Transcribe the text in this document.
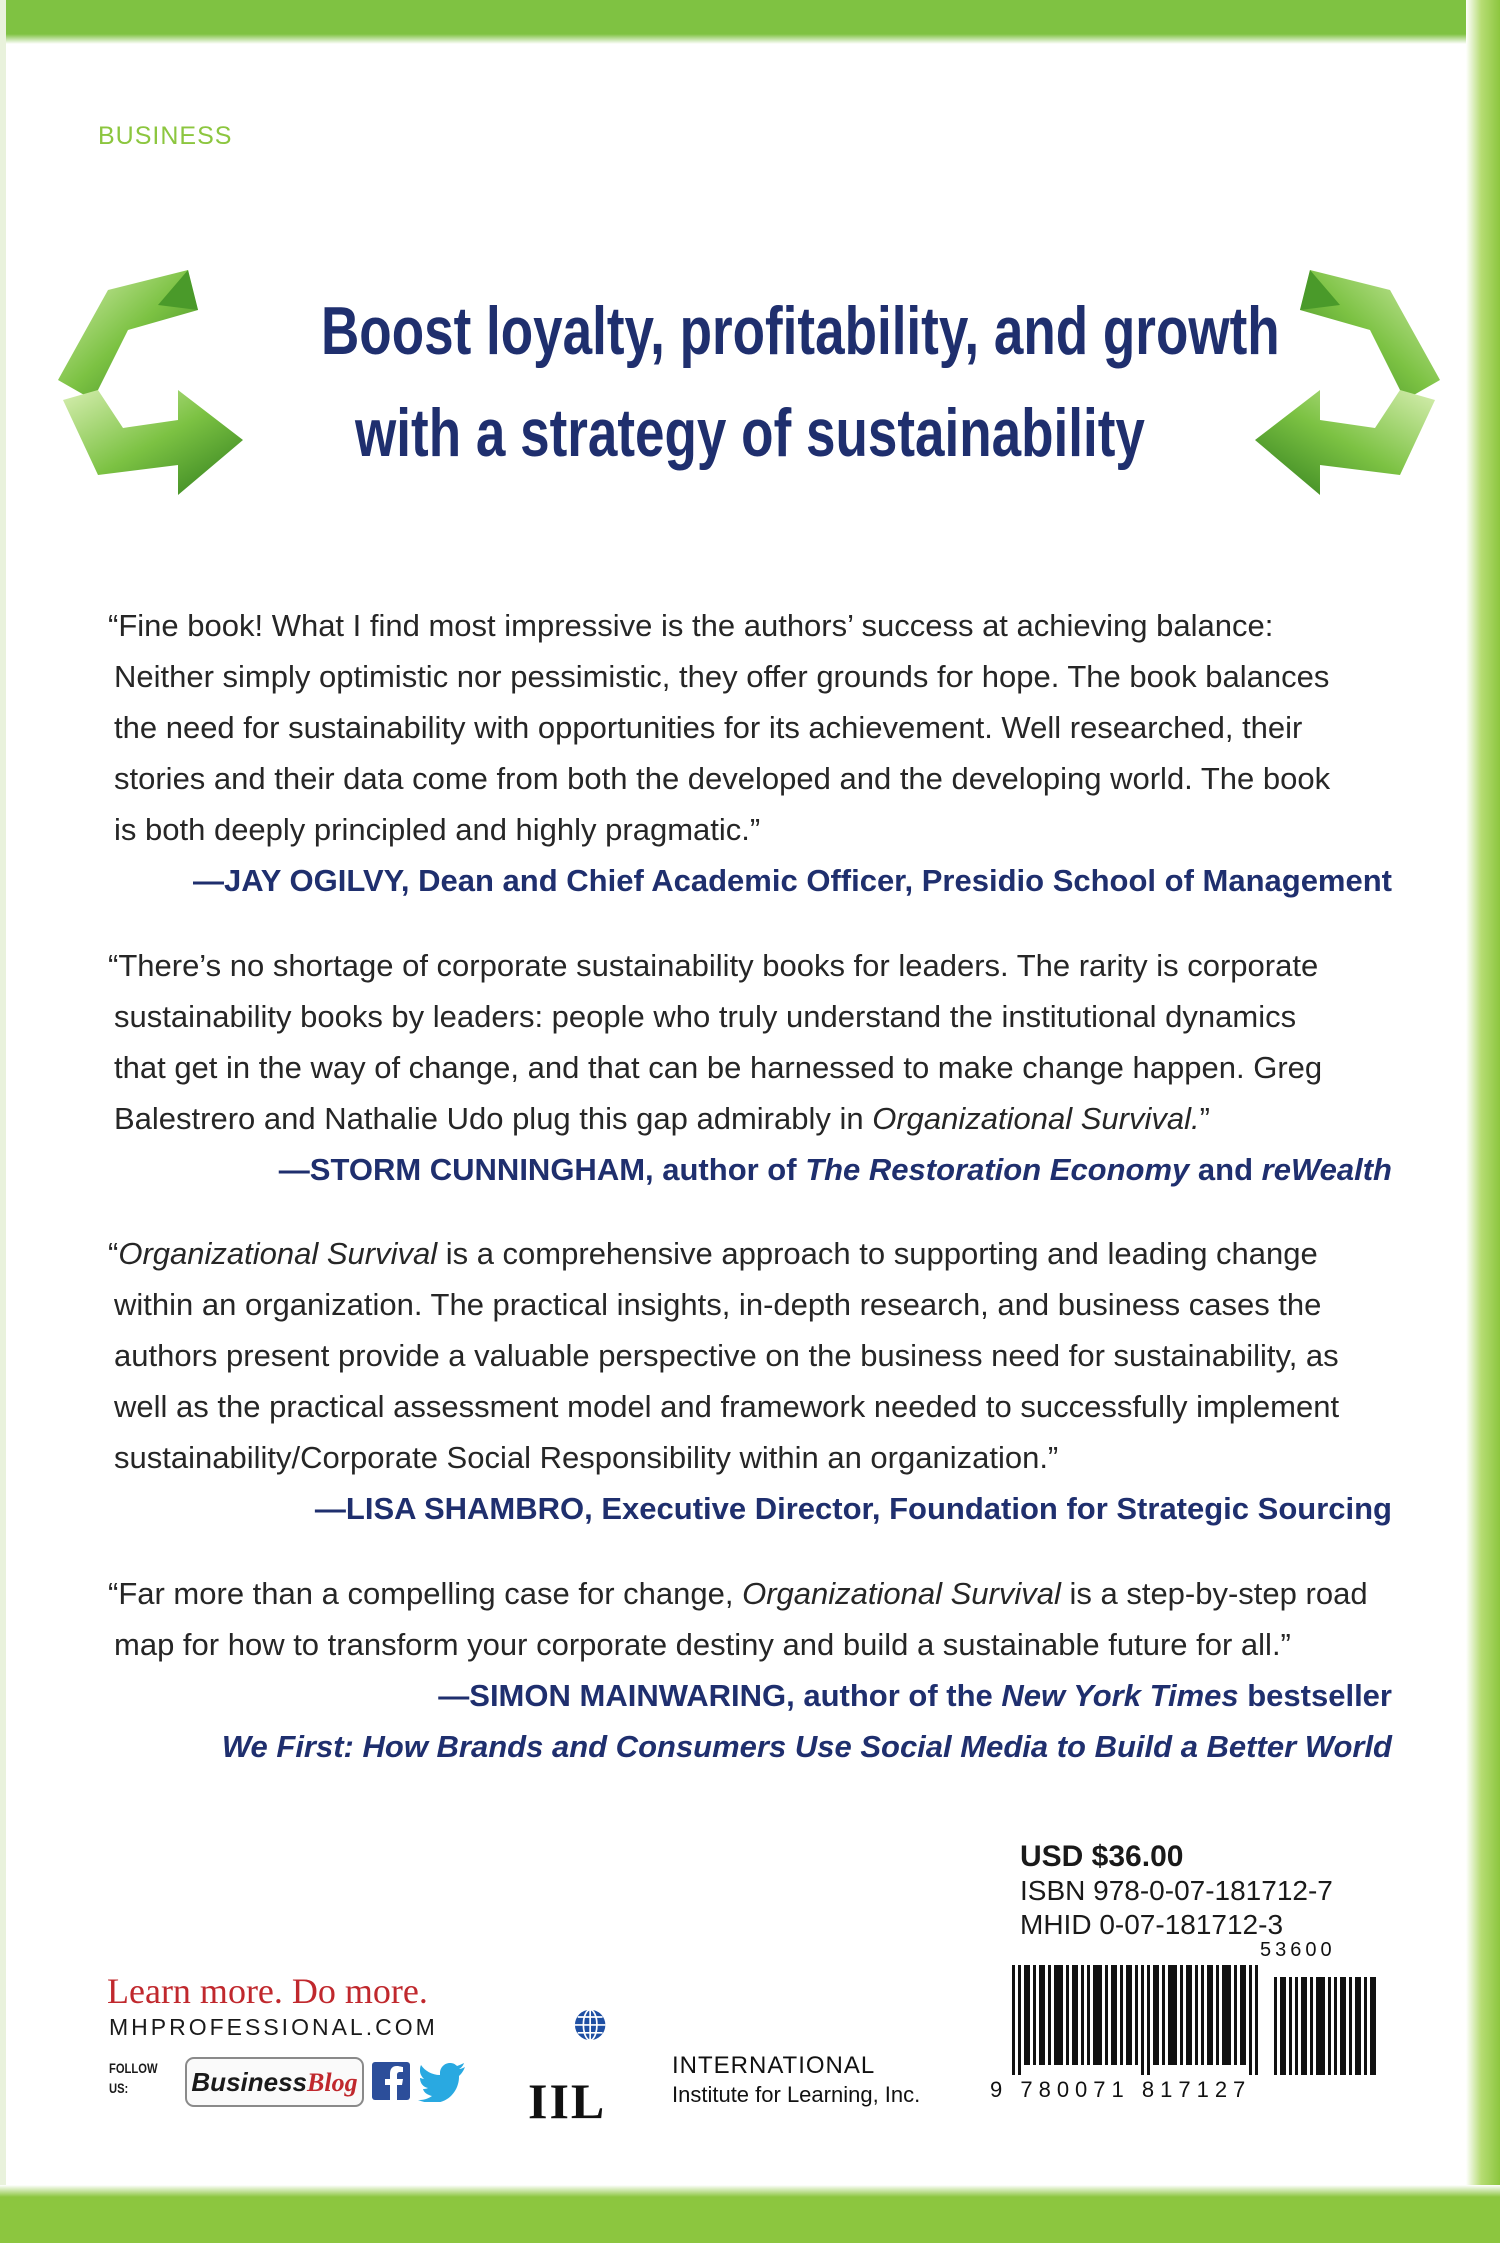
BUSINESS
Boost loyalty, profitability, and growth
with a strategy of sustainability

“Fine book! What I find most impressive is the authors’ success at achieving balance:
Neither simply optimistic nor pessimistic, they offer grounds for hope. The book balances
the need for sustainability with opportunities for its achievement. Well researched, their
stories and their data come from both the developed and the developing world. The book
is both deeply principled and highly pragmatic.”

—JAY OGILVY, Dean and Chief Academic Officer, Presidio School of Management

“There’s no shortage of corporate sustainability books for leaders. The rarity is corporate
sustainability books by leaders: people who truly understand the institutional dynamics
that get in the way of change, and that can be harnessed to make change happen. Greg
Balestrero and Nathalie Udo plug this gap admirably in Organizational Survival.”

—STORM CUNNINGHAM, author of The Restoration Economy and reWealth

“Organizational Survival is a comprehensive approach to supporting and leading change
within an organization. The practical insights, in-depth research, and business cases the
authors present provide a valuable perspective on the business need for sustainability, as
well as the practical assessment model and framework needed to successfully implement
sustainability/Corporate Social Responsibility within an organization.”

—LISA SHAMBRO, Executive Director, Foundation for Strategic Sourcing

“Far more than a compelling case for change, Organizational Survival is a step-by-step road
map for how to transform your corporate destiny and build a sustainable future for all.”

—SIMON MAINWARING, author of the New York Times bestseller
We First: How Brands and Consumers Use Social Media to Build a Better World
USD $36.00
ISBN 978-0-07-181712-7
MHID 0-07-181712-3
53600
9 780071 817127
Learn more. Do more.
MHPROFESSIONAL.COM
FOLLOW
US:	BusinessBlog	IIL
INTERNATIONAL
Institute for Learning, Inc.
